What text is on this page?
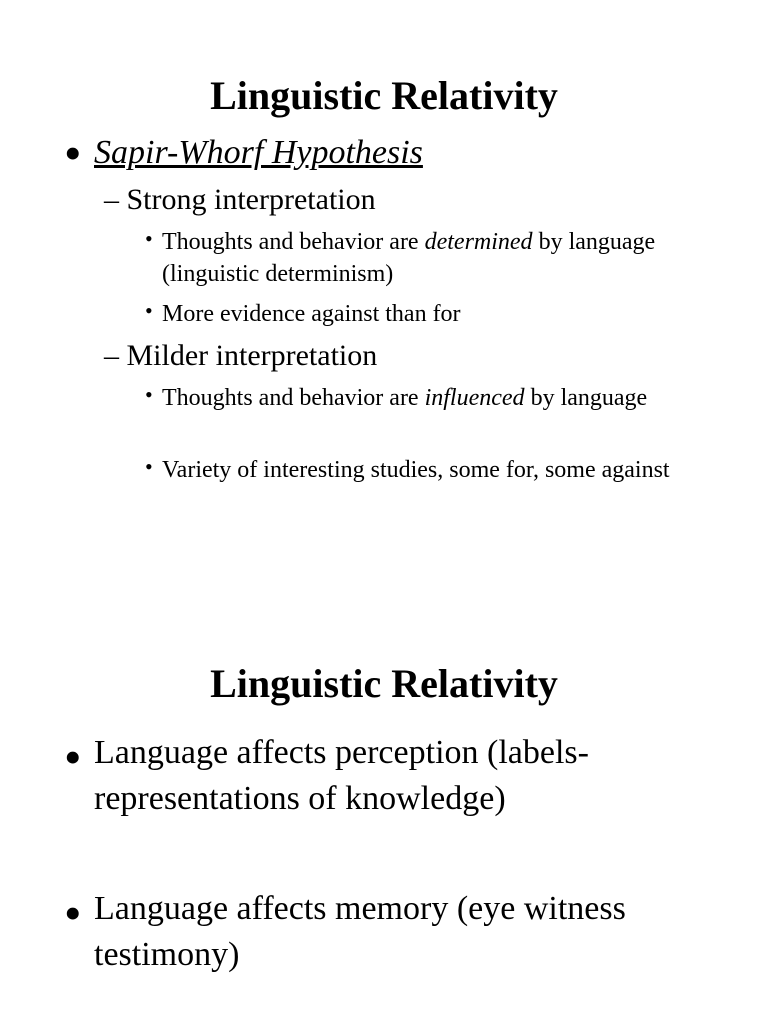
Linguistic Relativity
• Sapir-Whorf Hypothesis
– Strong interpretation
• Thoughts and behavior are determined by language (linguistic determinism)
• More evidence against than for
– Milder interpretation
• Thoughts and behavior are influenced by language
• Variety of interesting studies, some for, some against
Linguistic Relativity
• Language affects perception (labels-representations of knowledge)
• Language affects memory (eye witness testimony)
